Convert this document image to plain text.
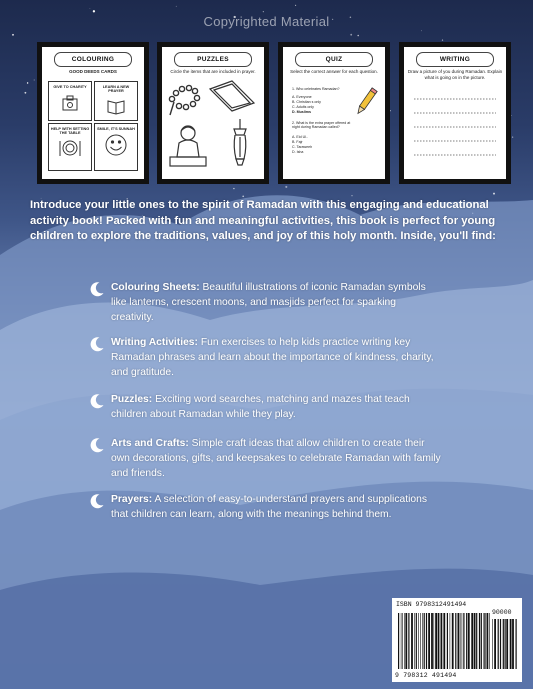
Copyrighted Material
COLOURING
GOOD DEEDS CARDS
GIVE TO CHARITY	LEARN A NEW PRAYER
HELP WITH SETTING THE TABLE
SMILE, IT'S SUNNAH
PUZZLES
Circle the items that are included in prayer.
QUIZ
Select the correct answer for each question.
1. Who celebrates Ramadan?
A. Everyone
B. Christian s only
C. Adults only
D. Muslims
2. What is the extra prayer offered at night during Ramadan called?
A. Eid Ul..
B. Fajr
C. Taraweeh
D. Isha
WRITING
Draw a picture of you during Ramadan. Explain what is going on in the picture.

Introduce your little ones to the spirit of Ramadan with this engaging and educational activity book! Packed with fun and meaningful activities, this book is perfect for young children to explore the traditions, values, and joy of this holy month. Inside, you'll find:

Colouring Sheets: Beautiful illustrations of iconic Ramadan symbols like lanterns, crescent moons, and masjids perfect for sparking creativity.
Writing Activities: Fun exercises to help kids practice writing key Ramadan phrases and learn about the importance of kindness, charity, and gratitude.
Puzzles: Exciting word searches, matching and mazes that teach children about Ramadan while they play.
Arts and Crafts: Simple craft ideas that allow children to create their own decorations, gifts, and keepsakes to celebrate Ramadan with family and friends.
Prayers: A selection of easy-to-understand prayers and supplications that children can learn, along with the meanings behind them.
ISBN 9798312491494
90000
9 798312 491494
